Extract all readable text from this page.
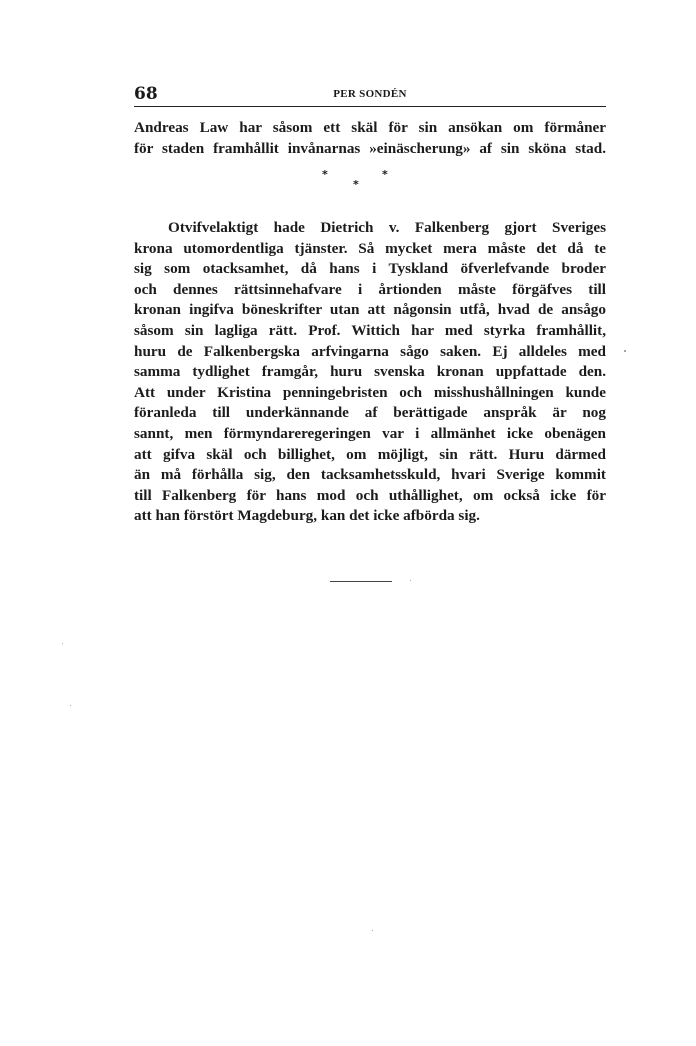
68	PER SONDÉN
Andreas Law har såsom ett skäl för sin ansökan om förmåner
för staden framhållit invånarnas »einäscherung» af sin sköna stad.
*
*
*
Otvifvelaktigt hade Dietrich v. Falkenberg gjort Sveriges
krona utomordentliga tjänster. Så mycket mera måste det då te
sig som otacksamhet, då hans i Tyskland öfverlefvande broder
och dennes rättsinnehafvare i årtionden måste förgäfves till
kronan ingifva böneskrifter utan att någonsin utfå, hvad de ansågo
såsom sin lagliga rätt. Prof. Wittich har med styrka framhållit,
huru de Falkenbergska arfvingarna sågo saken. Ej alldeles med
samma tydlighet framgår, huru svenska kronan uppfattade den.
Att under Kristina penningebristen och misshushållningen kunde
föranleda till underkännande af berättigade anspråk är nog
sannt, men förmyndareregeringen var i allmänhet icke obenägen
att gifva skäl och billighet, om möjligt, sin rätt. Huru därmed
än må förhålla sig, den tacksamhetsskuld, hvari Sverige kommit
till Falkenberg för hans mod och uthållighet, om också icke för
att han förstört Magdeburg, kan det icke afbörda sig.
